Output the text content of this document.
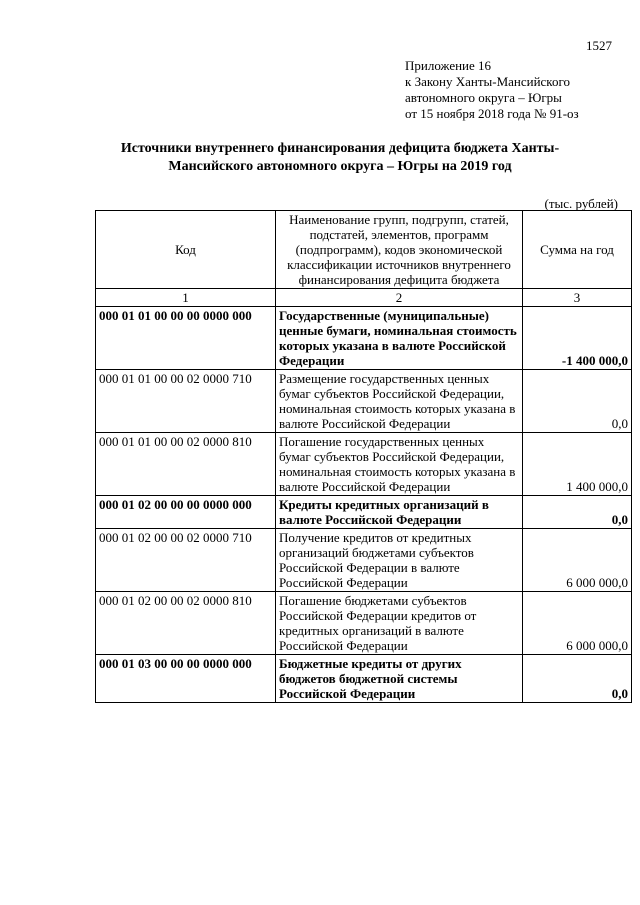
1527
Приложение 16
к Закону Ханты-Мансийского
автономного округа – Югры
от 15 ноября 2018 года № 91-оз
Источники внутреннего финансирования дефицита бюджета Ханты-Мансийского автономного округа – Югры на 2019 год
(тыс. рублей)
Код	Наименование групп, подгрупп, статей, подстатей, элементов, программ (подпрограмм), кодов экономической классификации источников внутреннего финансирования дефицита бюджета	Сумма на год
1	2	3
000 01 01 00 00 00 0000 000	Государственные (муниципальные) ценные бумаги, номинальная стоимость которых указана в валюте Российской Федерации	-1 400 000,0
000 01 01 00 00 02 0000 710	Размещение государственных ценных бумаг субъектов Российской Федерации, номинальная стоимость которых указана в валюте Российской Федерации	0,0
000 01 01 00 00 02 0000 810	Погашение государственных ценных бумаг субъектов Российской Федерации, номинальная стоимость которых указана в валюте Российской Федерации	1 400 000,0
000 01 02 00 00 00 0000 000	Кредиты кредитных организаций в валюте Российской Федерации	0,0
000 01 02 00 00 02 0000 710	Получение кредитов от кредитных организаций бюджетами субъектов Российской Федерации в валюте Российской Федерации	6 000 000,0
000 01 02 00 00 02 0000 810	Погашение бюджетами субъектов Российской Федерации кредитов от кредитных организаций в валюте Российской Федерации	6 000 000,0
000 01 03 00 00 00 0000 000	Бюджетные кредиты от других бюджетов бюджетной системы Российской Федерации	0,0
